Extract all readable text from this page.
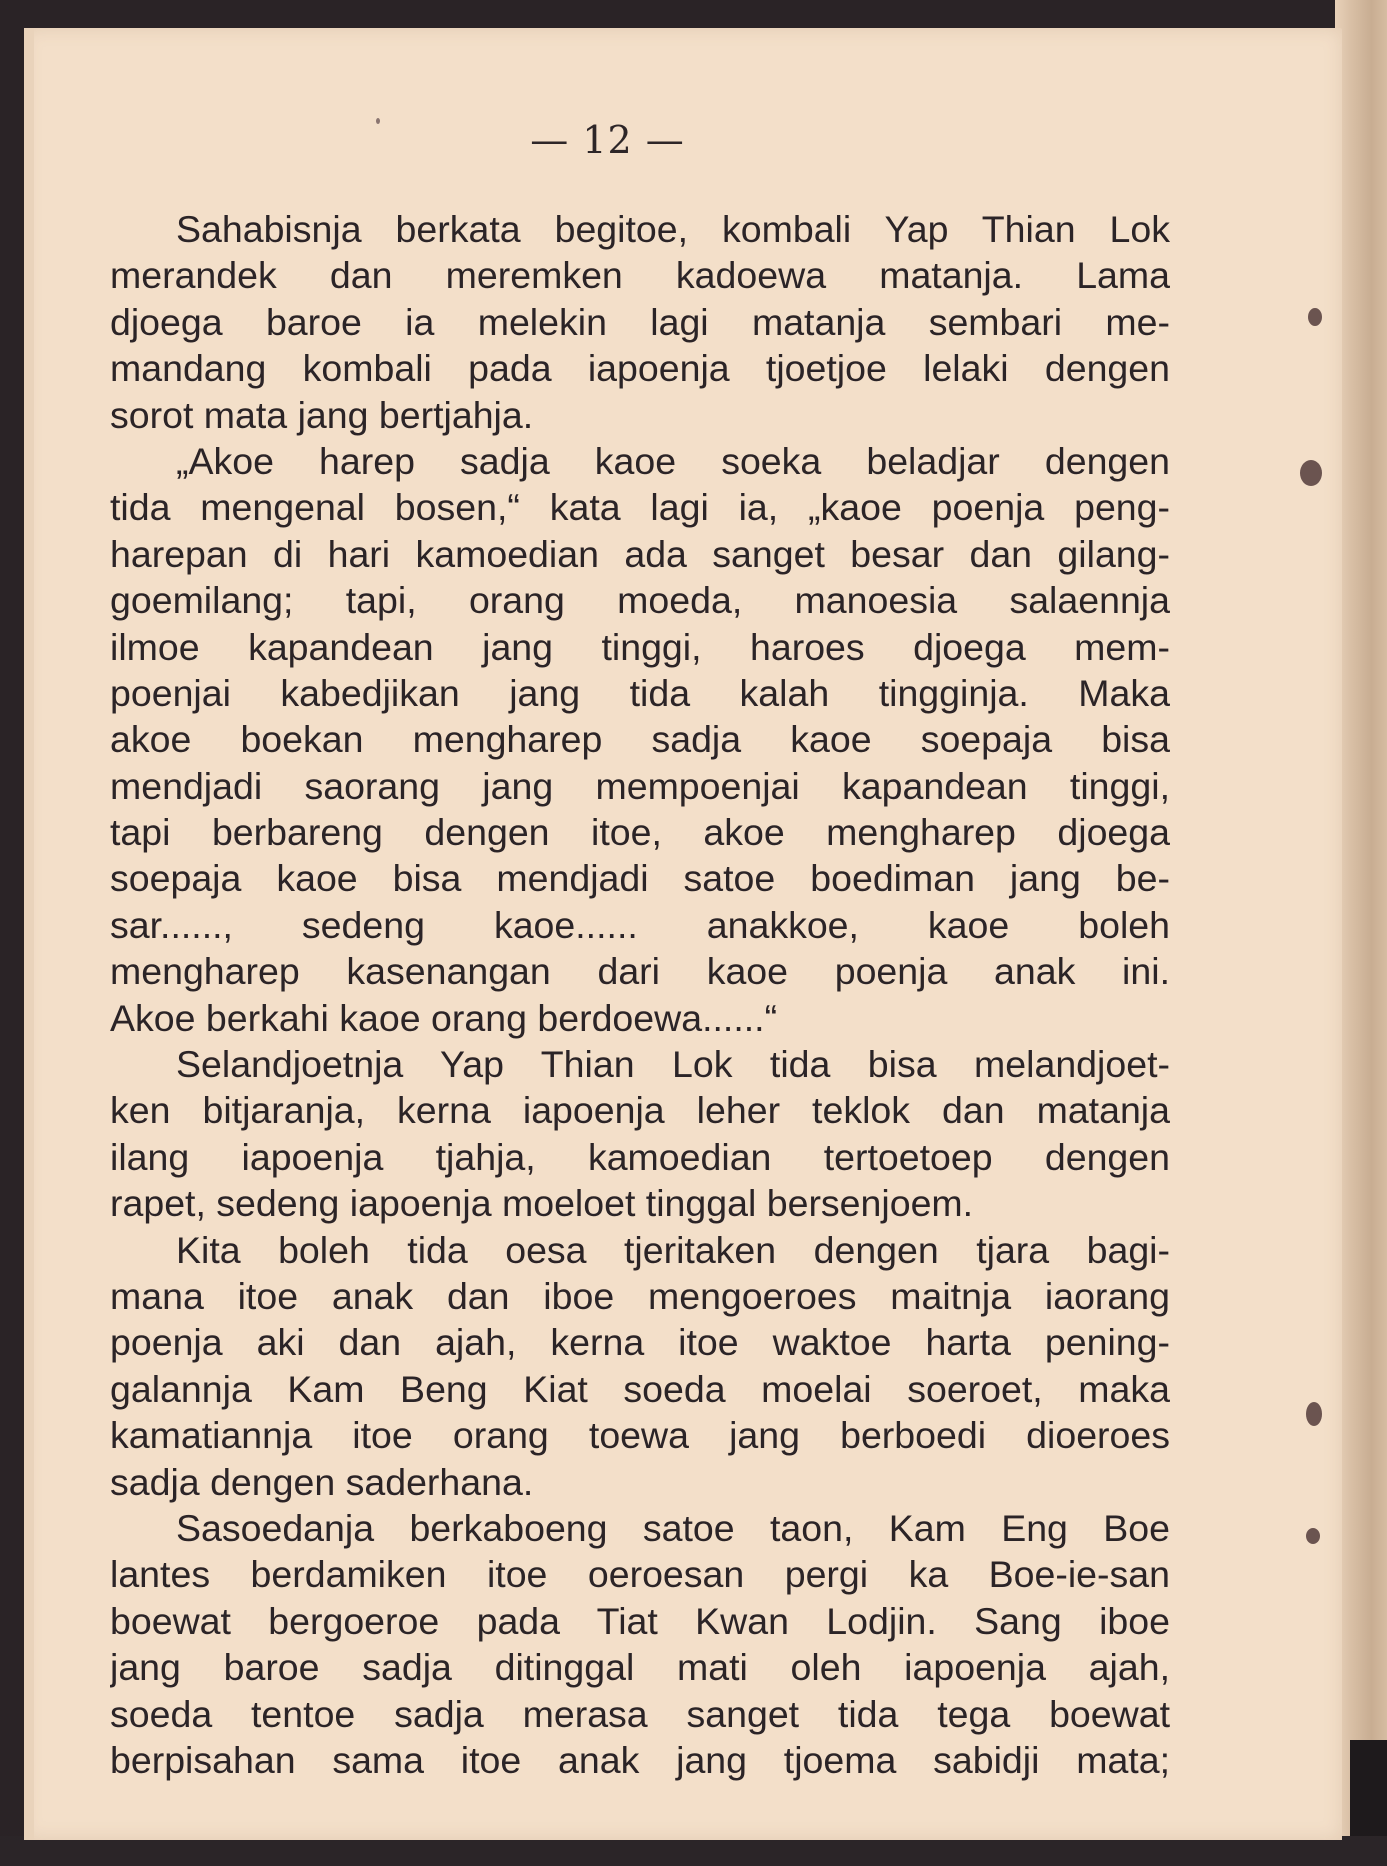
— 12 —
Sahabisnja berkata begitoe, kombali Yap Thian Lok
merandek dan meremken kadoewa matanja. Lama
djoega baroe ia melekin lagi matanja sembari me-
mandang kombali pada iapoenja tjoetjoe lelaki dengen
sorot mata jang bertjahja.
„Akoe harep sadja kaoe soeka beladjar dengen
tida mengenal bosen,“ kata lagi ia, „kaoe poenja peng-
harepan di hari kamoedian ada sanget besar dan gilang-
goemilang; tapi, orang moeda, manoesia salaennja
ilmoe kapandean jang tinggi, haroes djoega mem-
poenjai kabedjikan jang tida kalah tingginja. Maka
akoe boekan mengharep sadja kaoe soepaja bisa
mendjadi saorang jang mempoenjai kapandean tinggi,
tapi berbareng dengen itoe, akoe mengharep djoega
soepaja kaoe bisa mendjadi satoe boediman jang be-
sar......, sedeng kaoe...... anakkoe, kaoe boleh
mengharep kasenangan dari kaoe poenja anak ini.
Akoe berkahi kaoe orang berdoewa......“
Selandjoetnja Yap Thian Lok tida bisa melandjoet-
ken bitjaranja, kerna iapoenja leher teklok dan matanja
ilang iapoenja tjahja, kamoedian tertoetoep dengen
rapet, sedeng iapoenja moeloet tinggal bersenjoem.
Kita boleh tida oesa tjeritaken dengen tjara bagi-
mana itoe anak dan iboe mengoeroes maitnja iaorang
poenja aki dan ajah, kerna itoe waktoe harta pening-
galannja Kam Beng Kiat soeda moelai soeroet, maka
kamatiannja itoe orang toewa jang berboedi dioeroes
sadja dengen saderhana.
Sasoedanja berkaboeng satoe taon, Kam Eng Boe
lantes berdamiken itoe oeroesan pergi ka Boe-ie-san
boewat bergoeroe pada Tiat Kwan Lodjin. Sang iboe
jang baroe sadja ditinggal mati oleh iapoenja ajah,
soeda tentoe sadja merasa sanget tida tega boewat
berpisahan sama itoe anak jang tjoema sabidji mata;
